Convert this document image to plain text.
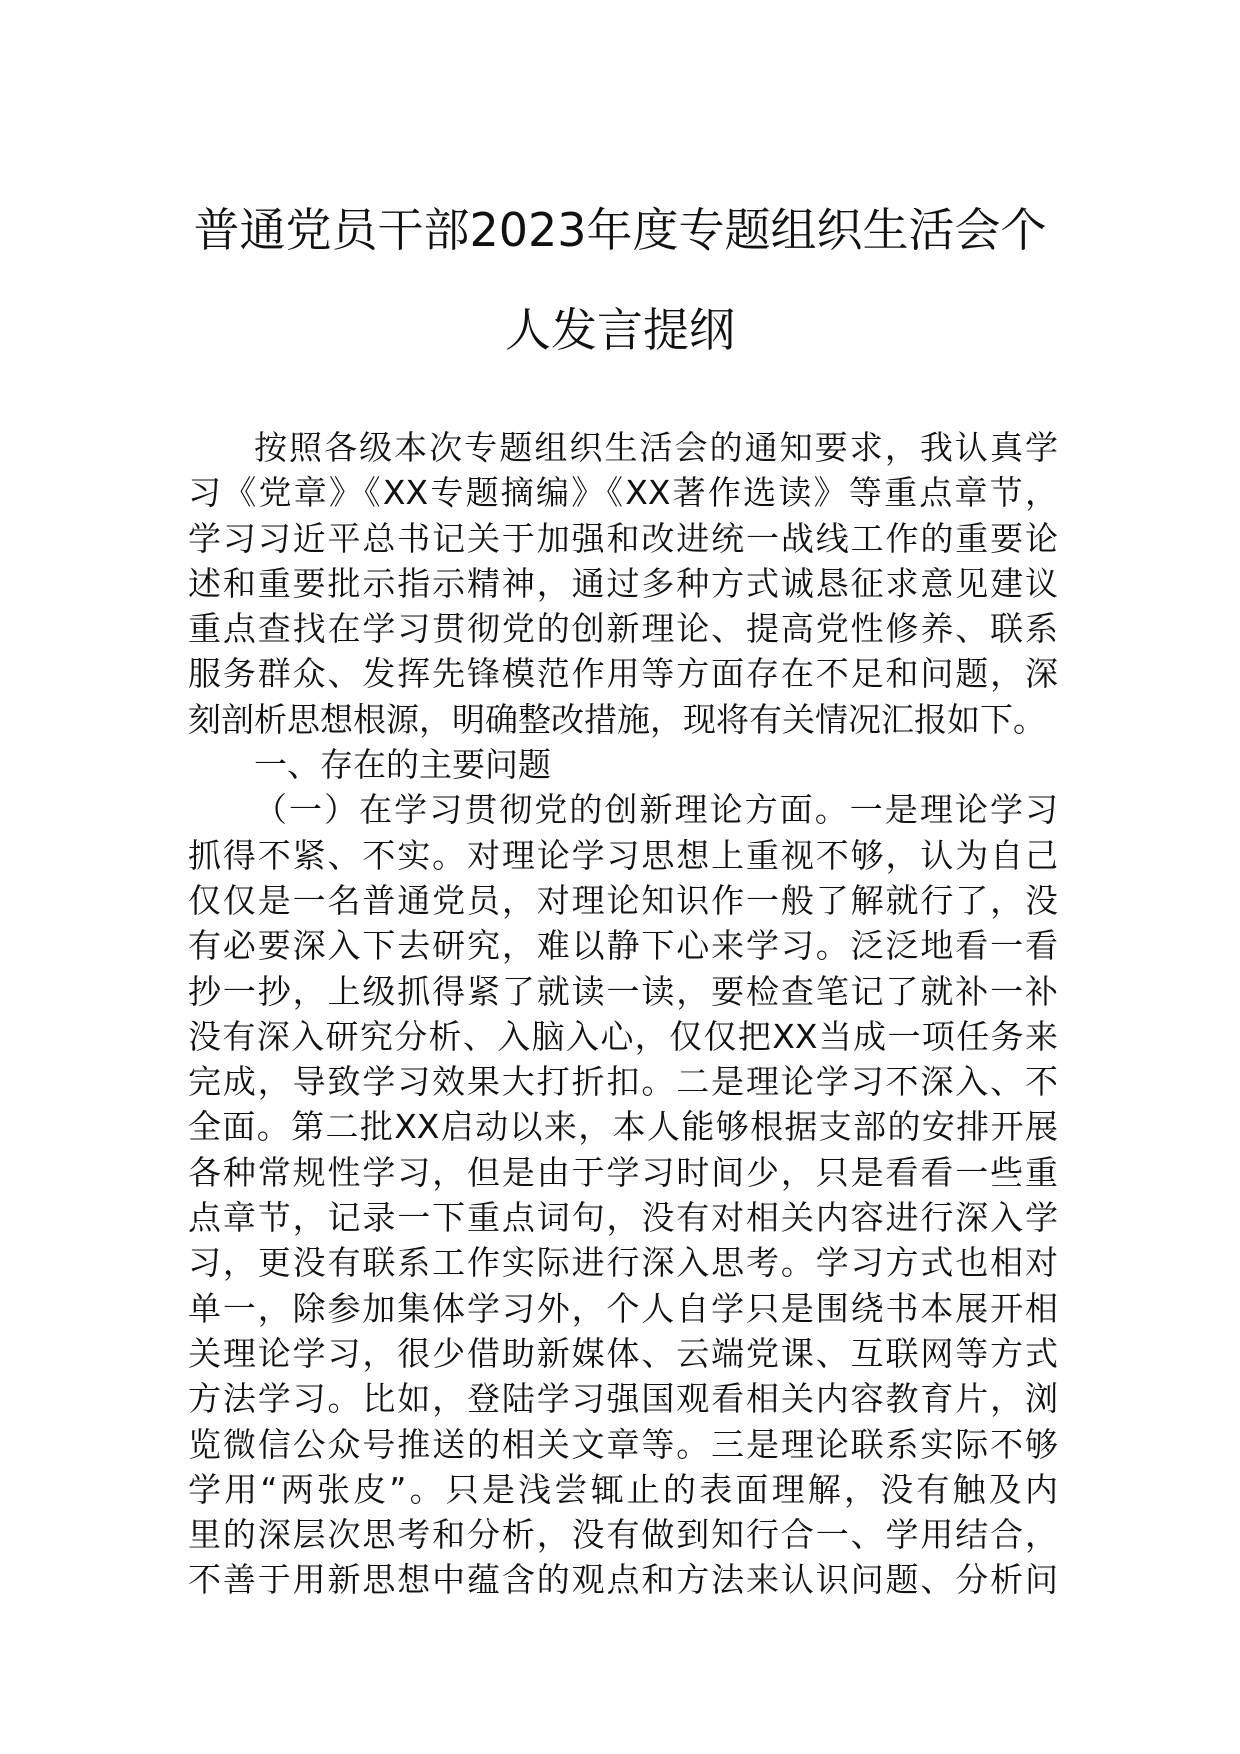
普通党员干部2023年度专题组织生活会个
人发言提纲
按照各级本次专题组织生活会的通知要求，我认真学
习《党章》《XX专题摘编》《XX著作选读》等重点章节，
学习习近平总书记关于加强和改进统一战线工作的重要论
述和重要批示指示精神，通过多种方式诚恳征求意见建议
重点查找在学习贯彻党的创新理论、提高党性修养、联系
服务群众、发挥先锋模范作用等方面存在不足和问题，深
刻剖析思想根源，明确整改措施，现将有关情况汇报如下。
一、存在的主要问题
（一）在学习贯彻党的创新理论方面。一是理论学习
抓得不紧、不实。对理论学习思想上重视不够，认为自己
仅仅是一名普通党员，对理论知识作一般了解就行了，没
有必要深入下去研究，难以静下心来学习。泛泛地看一看
抄一抄，上级抓得紧了就读一读，要检查笔记了就补一补
没有深入研究分析、入脑入心，仅仅把XX当成一项任务来
完成，导致学习效果大打折扣。二是理论学习不深入、不
全面。第二批XX启动以来，本人能够根据支部的安排开展
各种常规性学习，但是由于学习时间少，只是看看一些重
点章节，记录一下重点词句，没有对相关内容进行深入学
习，更没有联系工作实际进行深入思考。学习方式也相对
单一，除参加集体学习外，个人自学只是围绕书本展开相
关理论学习，很少借助新媒体、云端党课、互联网等方式
方法学习。比如，登陆学习强国观看相关内容教育片，浏
览微信公众号推送的相关文章等。三是理论联系实际不够
学用“两张皮”。只是浅尝辄止的表面理解，没有触及内
里的深层次思考和分析，没有做到知行合一、学用结合，
不善于用新思想中蕴含的观点和方法来认识问题、分析问
